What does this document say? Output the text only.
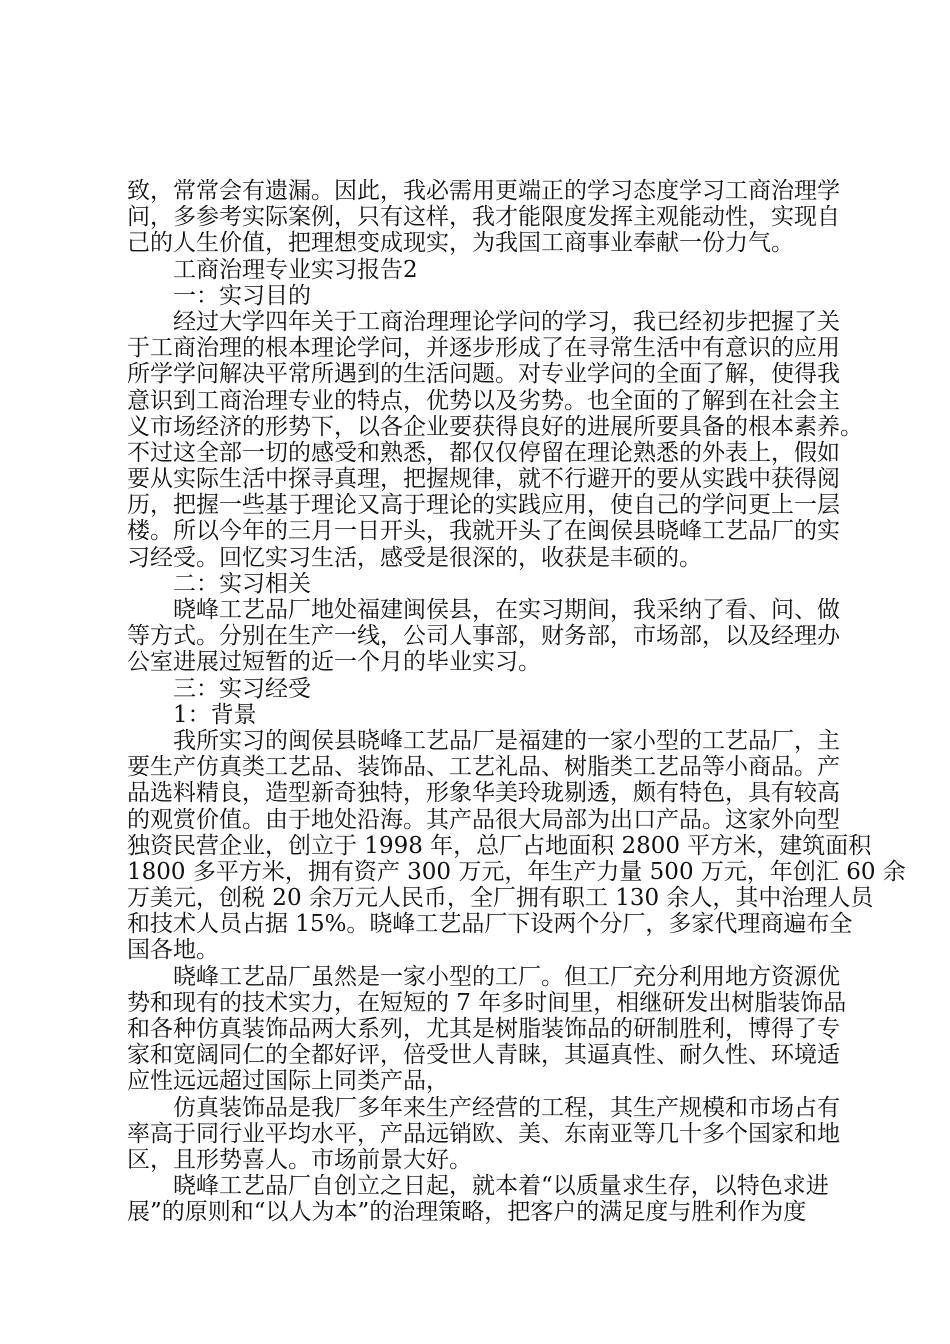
致，常常会有遗漏。因此，我必需用更端正的学习态度学习工商治理学
问，多参考实际案例，只有这样，我才能限度发挥主观能动性，实现自
己的人生价值，把理想变成现实，为我国工商事业奉献一份力气。
工商治理专业实习报告2
一：实习目的
经过大学四年关于工商治理理论学问的学习，我已经初步把握了关
于工商治理的根本理论学问，并逐步形成了在寻常生活中有意识的应用
所学学问解决平常所遇到的生活问题。对专业学问的全面了解，使得我
意识到工商治理专业的特点，优势以及劣势。也全面的了解到在社会主
义市场经济的形势下，以各企业要获得良好的进展所要具备的根本素养。
不过这全部一切的感受和熟悉，都仅仅停留在理论熟悉的外表上，假如
要从实际生活中探寻真理，把握规律，就不行避开的要从实践中获得阅
历，把握一些基于理论又高于理论的实践应用，使自己的学问更上一层
楼。所以今年的三月一日开头，我就开头了在闽侯县晓峰工艺品厂的实
习经受。回忆实习生活，感受是很深的，收获是丰硕的。
二：实习相关
晓峰工艺品厂地处福建闽侯县，在实习期间，我采纳了看、问、做
等方式。分别在生产一线，公司人事部，财务部，市场部，以及经理办
公室进展过短暂的近一个月的毕业实习。
三：实习经受
1：背景
我所实习的闽侯县晓峰工艺品厂是福建的一家小型的工艺品厂，主
要生产仿真类工艺品、装饰品、工艺礼品、树脂类工艺品等小商品。产
品选料精良，造型新奇独特，形象华美玲珑剔透，颇有特色，具有较高
的观赏价值。由于地处沿海。其产品很大局部为出口产品。这家外向型
独资民营企业，创立于 1998 年，总厂占地面积 2800 平方米，建筑面积
1800 多平方米，拥有资产 300 万元，年生产力量 500 万元，年创汇 60 余
万美元，创税 20 余万元人民币，全厂拥有职工 130 余人，其中治理人员
和技术人员占据 15%。晓峰工艺品厂下设两个分厂，多家代理商遍布全
国各地。
晓峰工艺品厂虽然是一家小型的工厂。但工厂充分利用地方资源优
势和现有的技术实力，在短短的 7 年多时间里，相继研发出树脂装饰品
和各种仿真装饰品两大系列，尤其是树脂装饰品的研制胜利，博得了专
家和宽阔同仁的全都好评，倍受世人青睐，其逼真性、耐久性、环境适
应性远远超过国际上同类产品，
仿真装饰品是我厂多年来生产经营的工程，其生产规模和市场占有
率高于同行业平均水平，产品远销欧、美、东南亚等几十多个国家和地
区，且形势喜人。市场前景大好。
晓峰工艺品厂自创立之日起，就本着“以质量求生存，以特色求进
展”的原则和“以人为本”的治理策略，把客户的满足度与胜利作为度
